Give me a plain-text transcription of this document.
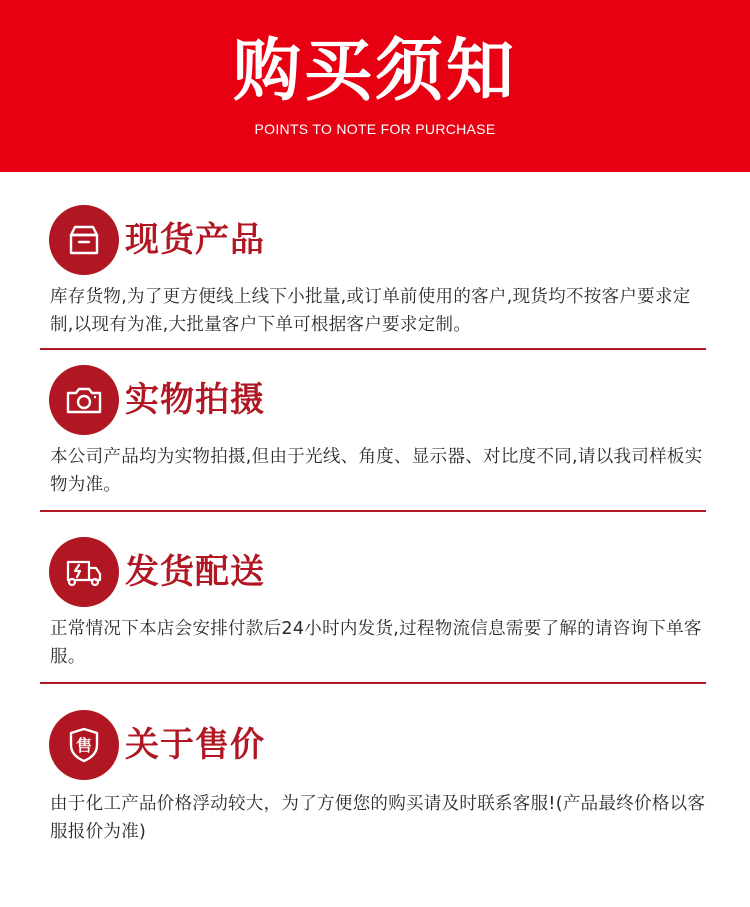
购买须知
POINTS TO NOTE FOR PURCHASE
现货产品
库存货物,为了更方便线上线下小批量,或订单前使用的客户,现货均不按客户要求定制,以现有为准,大批量客户下单可根据客户要求定制。
实物拍摄
本公司产品均为实物拍摄,但由于光线、角度、显示器、对比度不同,请以我司样板实物为准。
发货配送
正常情况下本店会安排付款后24小时内发货,过程物流信息需要了解的请咨询下单客服。
售 关于售价
由于化工产品价格浮动较大，为了方便您的购买请及时联系客服!(产品最终价格以客服报价为准)
